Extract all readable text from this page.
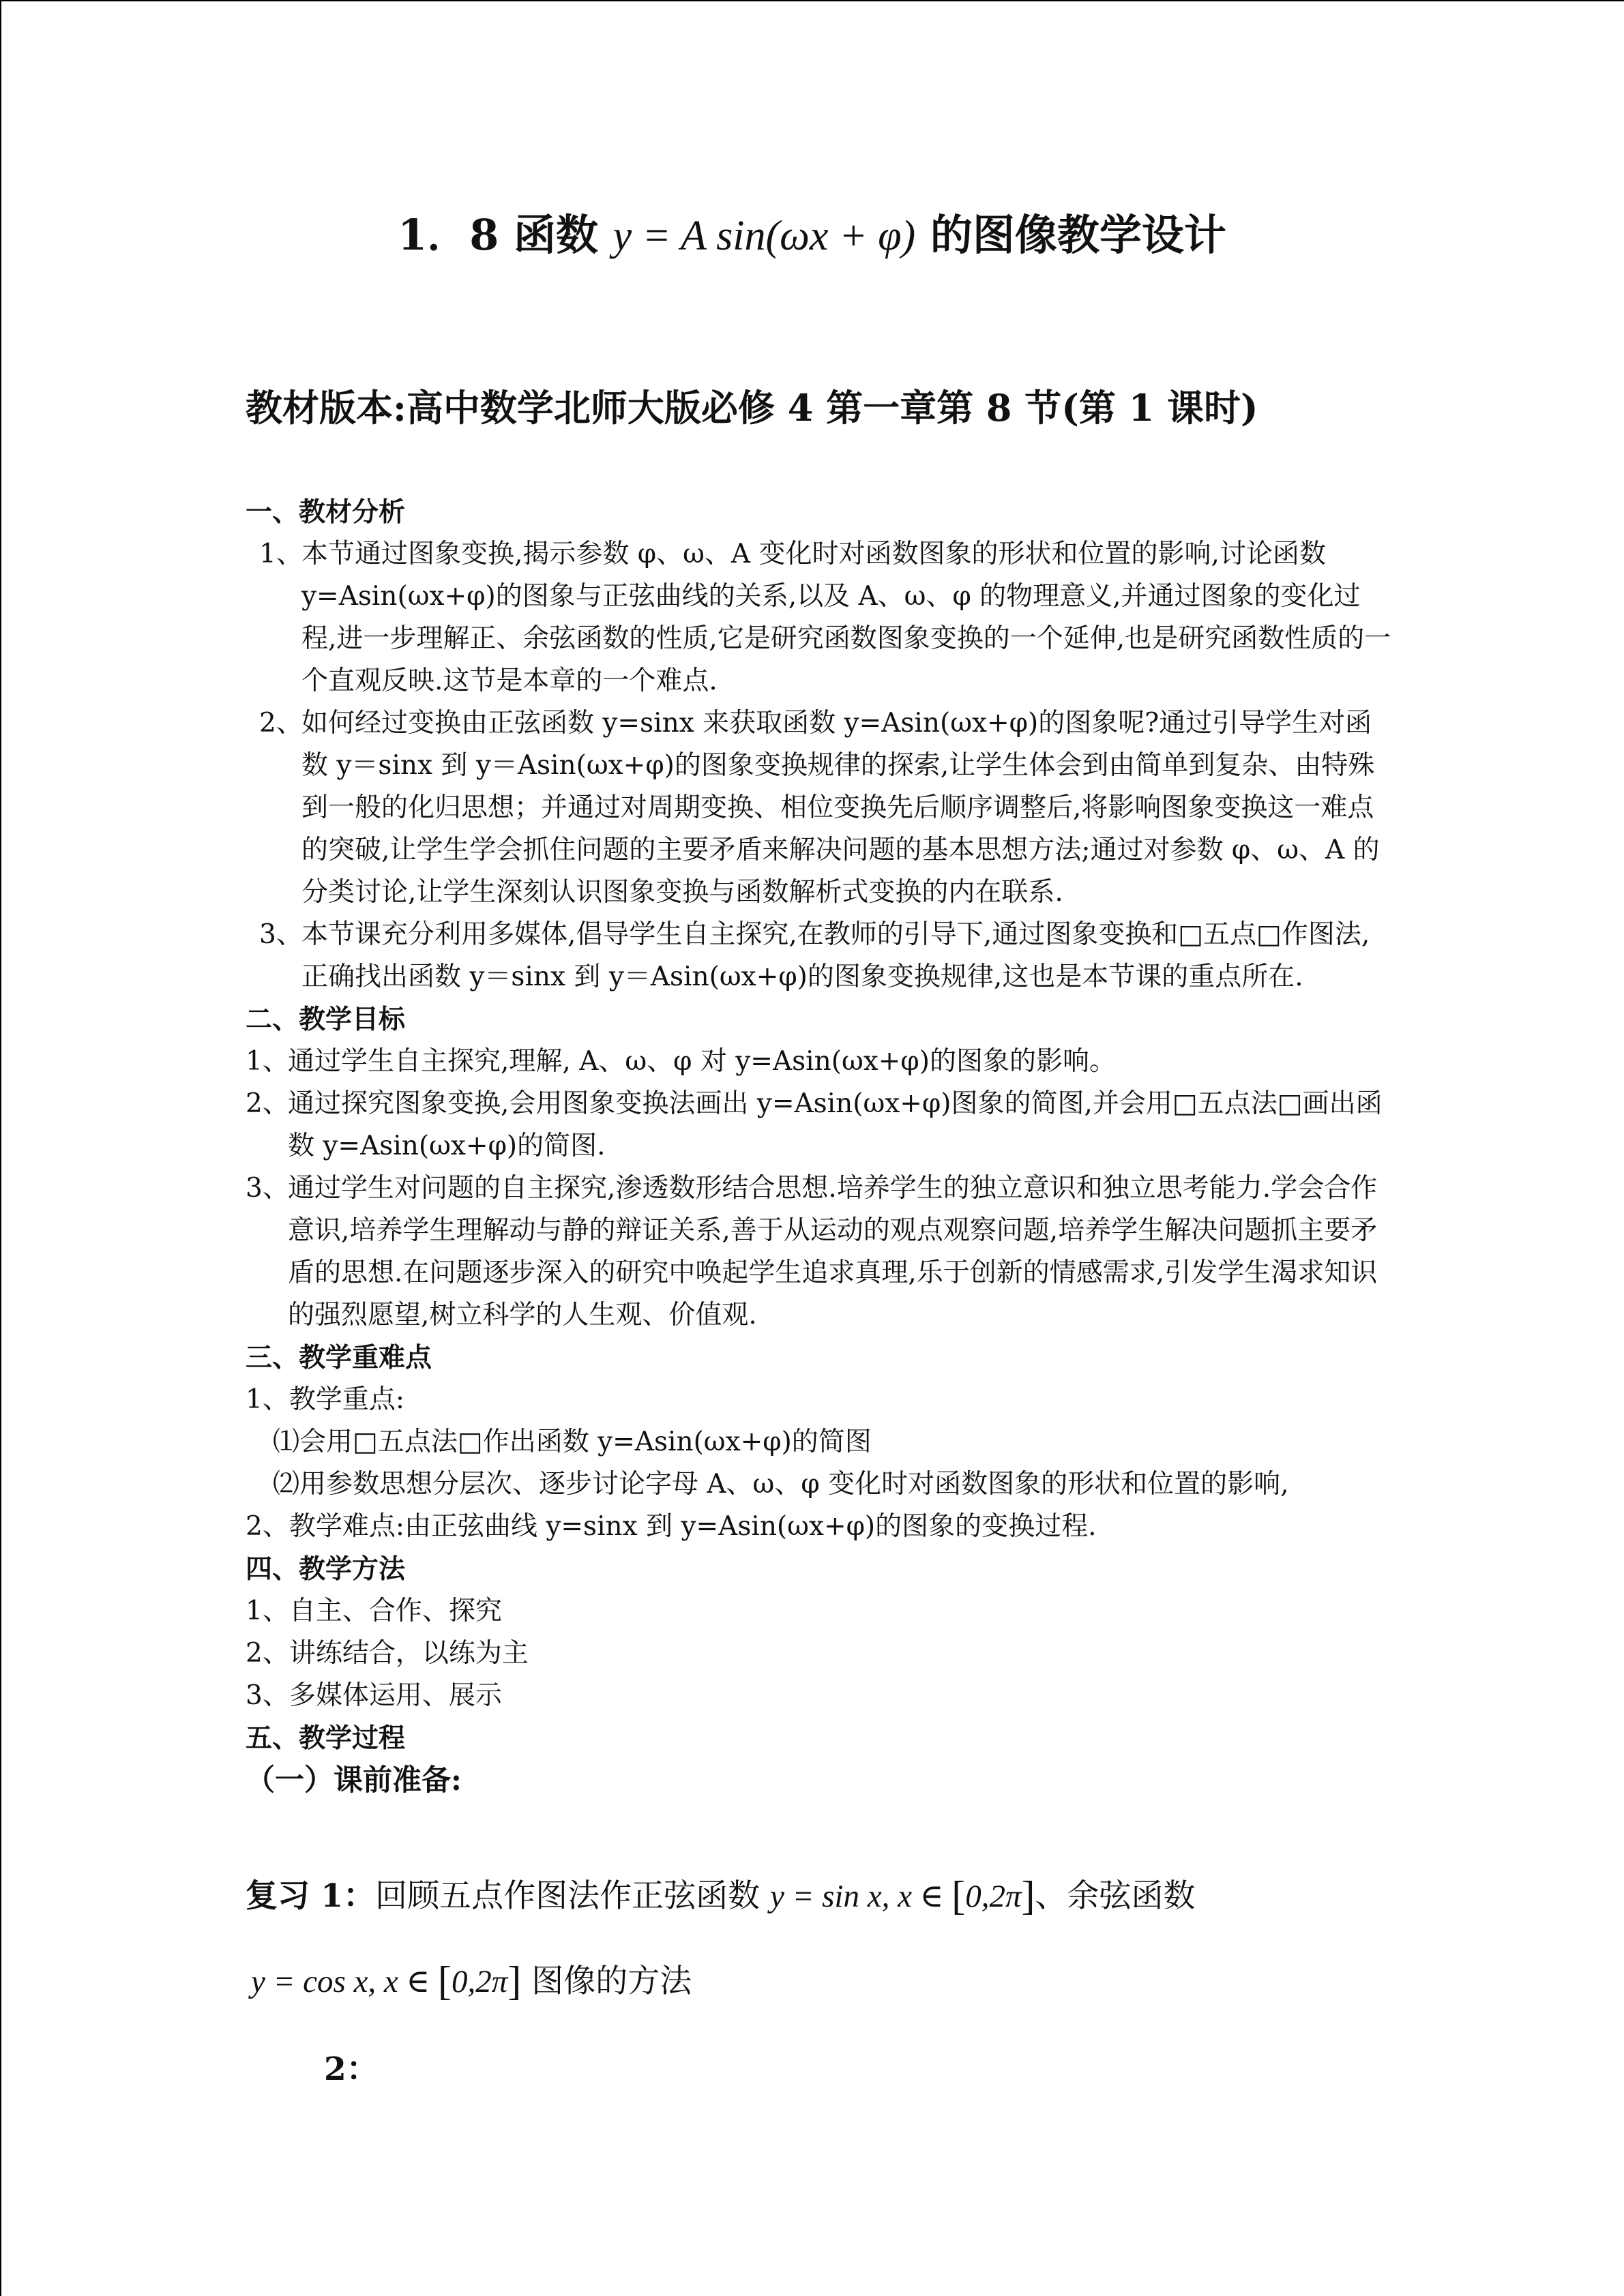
1．8 函数 y = A sin(ωx + φ) 的图像教学设计
教材版本:高中数学北师大版必修 4 第一章第 8 节(第 1 课时)

一、教材分析

1、
本节通过图象变换,揭示参数 φ、ω、A 变化时对函数图象的形状和位置的影响,讨论函数 y=Asin(ωx+φ)的图象与正弦曲线的关系,以及 A、ω、φ 的物理意义,并通过图象的变化过程,进一步理解正、余弦函数的性质,它是研究函数图象变换的一个延伸,也是研究函数性质的一个直观反映.这节是本章的一个难点.
2、
如何经过变换由正弦函数 y=sinx 来获取函数 y=Asin(ωx+φ)的图象呢?通过引导学生对函数 y＝sinx 到 y＝Asin(ωx+φ)的图象变换规律的探索,让学生体会到由简单到复杂、由特殊到一般的化归思想；并通过对周期变换、相位变换先后顺序调整后,将影响图象变换这一难点的突破,让学生学会抓住问题的主要矛盾来解决问题的基本思想方法;通过对参数 φ、ω、A 的分类讨论,让学生深刻认识图象变换与函数解析式变换的内在联系.
3、
本节课充分利用多媒体,倡导学生自主探究,在教师的引导下,通过图象变换和□五点□作图法,正确找出函数 y＝sinx 到 y＝Asin(ωx+φ)的图象变换规律,这也是本节课的重点所在.

二、教学目标

1、
通过学生自主探究,理解, A、ω、φ 对 y=Asin(ωx+φ)的图象的影响。
2、
通过探究图象变换,会用图象变换法画出 y=Asin(ωx+φ)图象的简图,并会用□五点法□画出函数 y=Asin(ωx+φ)的简图.
3、
通过学生对问题的自主探究,渗透数形结合思想.培养学生的独立意识和独立思考能力.学会合作意识,培养学生理解动与静的辩证关系,善于从运动的观点观察问题,培养学生解决问题抓主要矛盾的思想.在问题逐步深入的研究中唤起学生追求真理,乐于创新的情感需求,引发学生渴求知识的强烈愿望,树立科学的人生观、价值观.

三、教学重难点

1、教学重点:

⑴会用□五点法□作出函数 y=Asin(ωx+φ)的简图

⑵用参数思想分层次、逐步讨论字母 A、ω、φ 变化时对函数图象的形状和位置的影响,

2、教学难点:由正弦曲线 y=sinx 到 y=Asin(ωx+φ)的图象的变换过程.

四、教学方法

1、自主、合作、探究

2、讲练结合，以练为主

3、多媒体运用、展示

五、教学过程

（一）课前准备:

复习 1：回顾五点作图法作正弦函数 y = sin x, x ∈ [0,2π]、余弦函数
y = cos x, x ∈ [0,2π] 图像的方法
2：
